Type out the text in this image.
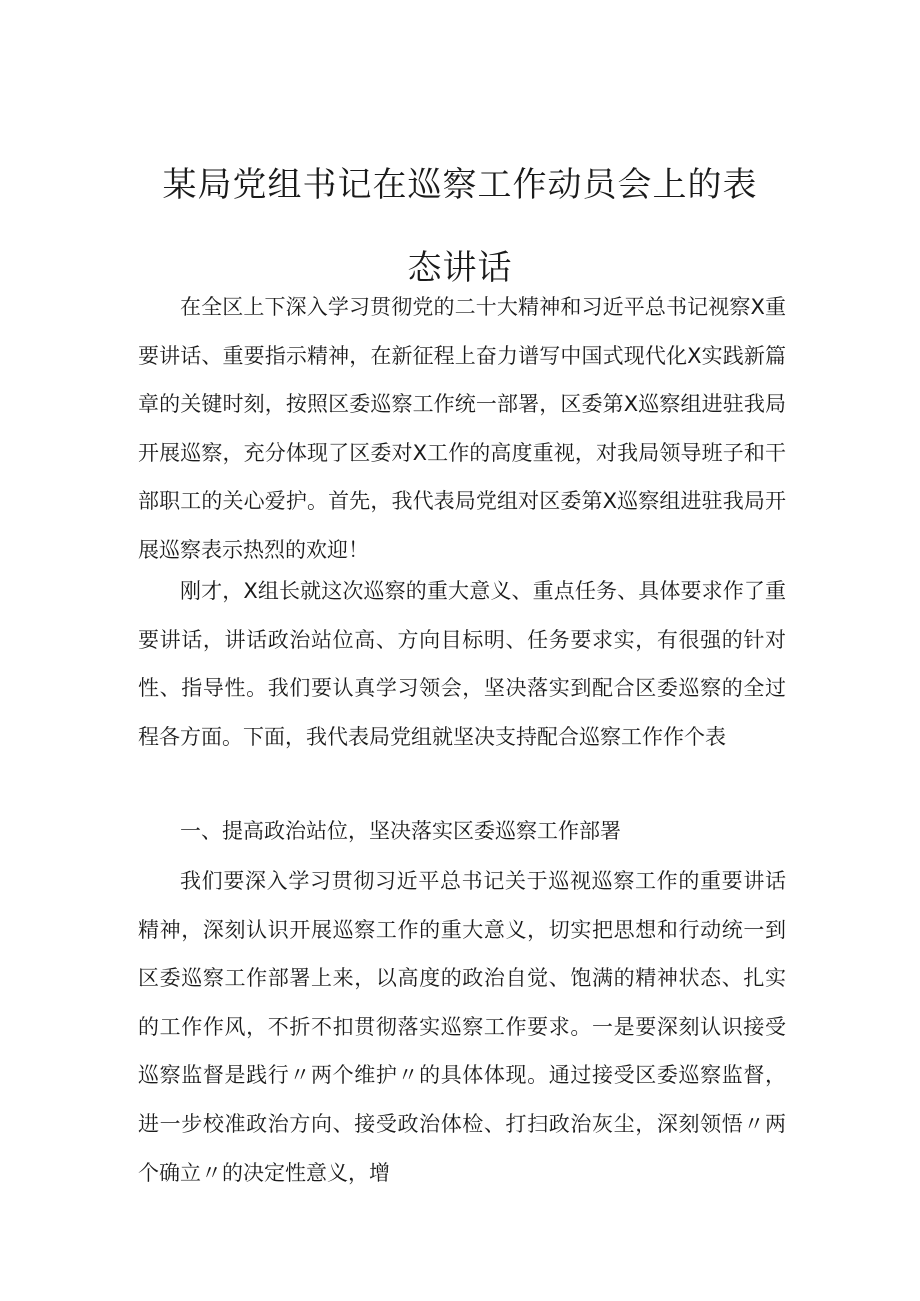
某局党组书记在巡察工作动员会上的表
态讲话

在全区上下深入学习贯彻党的二十大精神和习近平总书记视察X重要讲话、重要指示精神，在新征程上奋力谱写中国式现代化X实践新篇章的关键时刻，按照区委巡察工作统一部署，区委第X巡察组进驻我局开展巡察，充分体现了区委对X工作的高度重视，对我局领导班子和干部职工的关心爱护。首先，我代表局党组对区委第X巡察组进驻我局开展巡察表示热烈的欢迎！

刚才，X组长就这次巡察的重大意义、重点任务、具体要求作了重要讲话，讲话政治站位高、方向目标明、任务要求实，有很强的针对性、指导性。我们要认真学习领会，坚决落实到配合区委巡察的全过程各方面。下面，我代表局党组就坚决支持配合巡察工作作个表

一、提高政治站位，坚决落实区委巡察工作部署

我们要深入学习贯彻习近平总书记关于巡视巡察工作的重要讲话精神，深刻认识开展巡察工作的重大意义，切实把思想和行动统一到区委巡察工作部署上来，以高度的政治自觉、饱满的精神状态、扎实的工作作风，不折不扣贯彻落实巡察工作要求。一是要深刻认识接受巡察监督是践行〃两个维护〃的具体体现。通过接受区委巡察监督，进一步校准政治方向、接受政治体检、打扫政治灰尘，深刻领悟〃两个确立〃的决定性意义，增
